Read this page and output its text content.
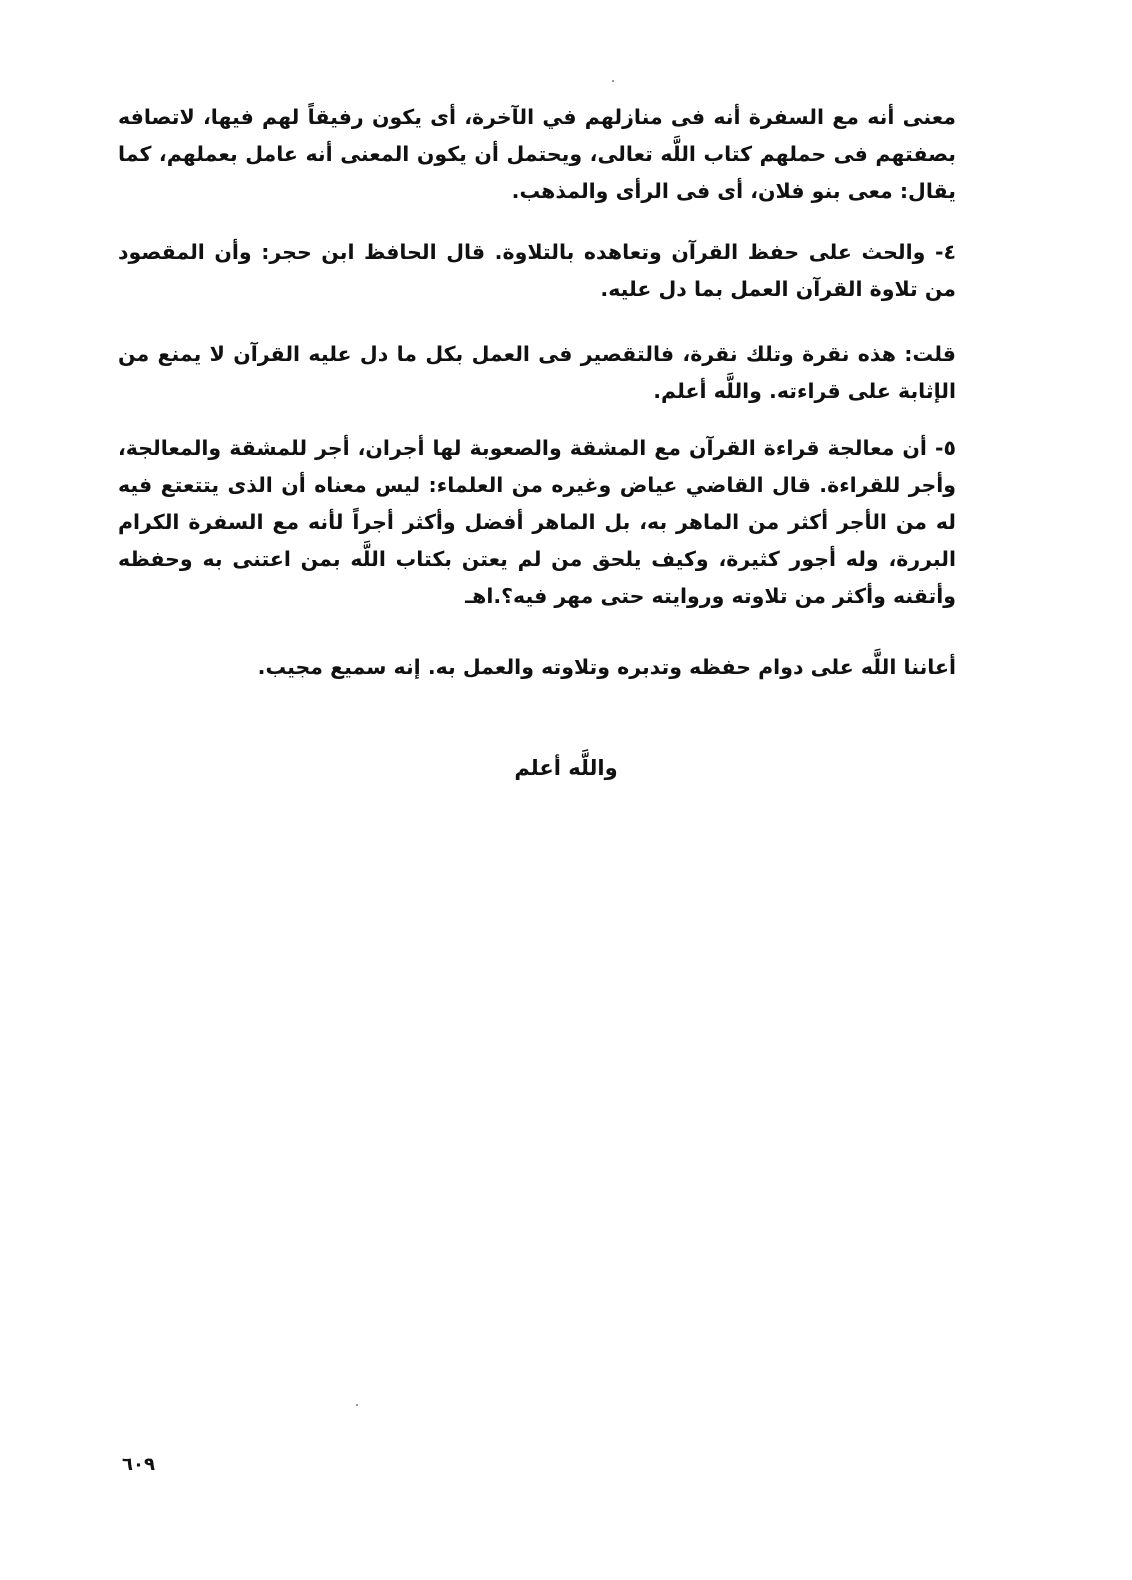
معنى أنه مع السفرة أنه فى منازلهم في الآخرة، أى يكون رفيقاً لهم فيها، لاتصافه بصفتهم فى حملهم كتاب اللَّه تعالى، ويحتمل أن يكون المعنى أنه عامل بعملهم، كما يقال: معى بنو فلان، أى فى الرأى والمذهب.

٤- والحث على حفظ القرآن وتعاهده بالتلاوة. قال الحافظ ابن حجر: وأن المقصود من تلاوة القرآن العمل بما دل عليه.

قلت: هذه نقرة وتلك نقرة، فالتقصير فى العمل بكل ما دل عليه القرآن لا يمنع من الإثابة على قراءته. واللَّه أعلم.

٥- أن معالجة قراءة القرآن مع المشقة والصعوبة لها أجران، أجر للمشقة والمعالجة، وأجر للقراءة. قال القاضي عياض وغيره من العلماء: ليس معناه أن الذى يتتعتع فيه له من الأجر أكثر من الماهر به، بل الماهر أفضل وأكثر أجراً لأنه مع السفرة الكرام البررة، وله أجور كثيرة، وكيف يلحق من لم يعتن بكتاب اللَّه بمن اعتنى به وحفظه وأتقنه وأكثر من تلاوته وروايته حتى مهر فيه؟.اهـ

أعاننا اللَّه على دوام حفظه وتدبره وتلاوته والعمل به. إنه سميع مجيب.

واللَّه أعلم
٦٠٩
